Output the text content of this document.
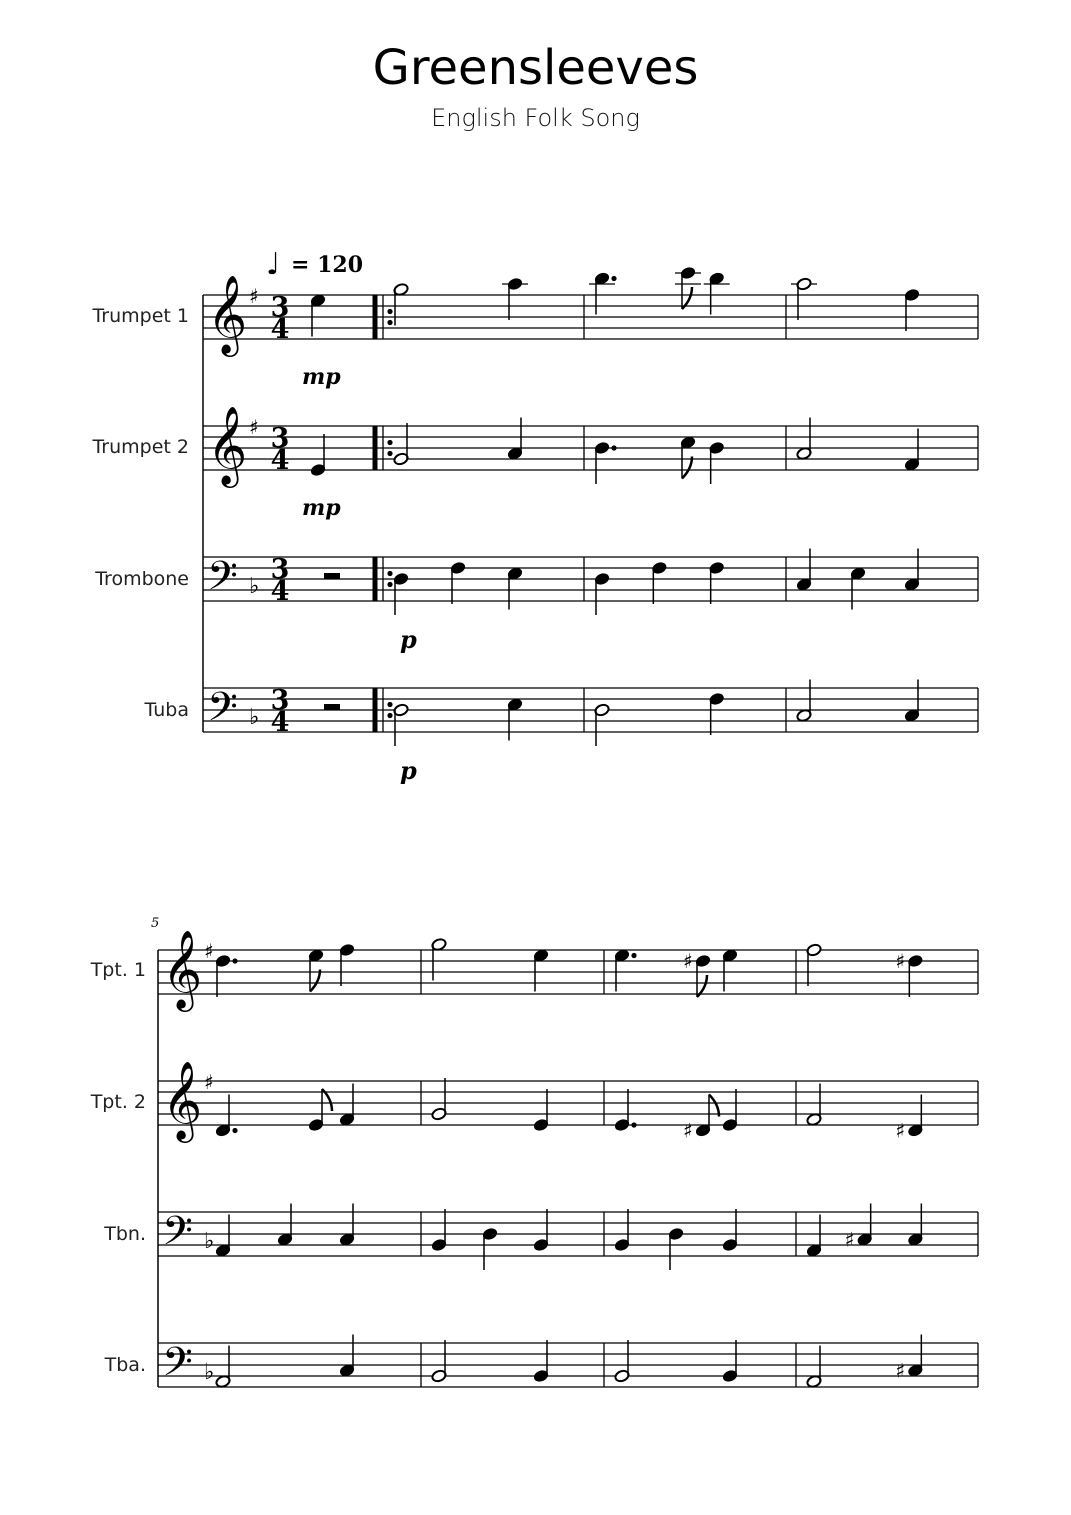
Greensleeves
English Folk Song
Trumpet 1
Trumpet 2
Trombone
Tuba
♩ = 120
mp
mp
p
p
5
Tpt. 1
Tpt. 2
Tbn.
Tba.
𝄞 ♯ 3
4
𝄞 ♯ 3
4
𝄢 ♭
3
4
𝄢 ♭
3
4
𝄞 ♯
𝄞 ♯
𝄢 ♭
𝄢 ♭
♯
♯
♯
♯
♯
♯
